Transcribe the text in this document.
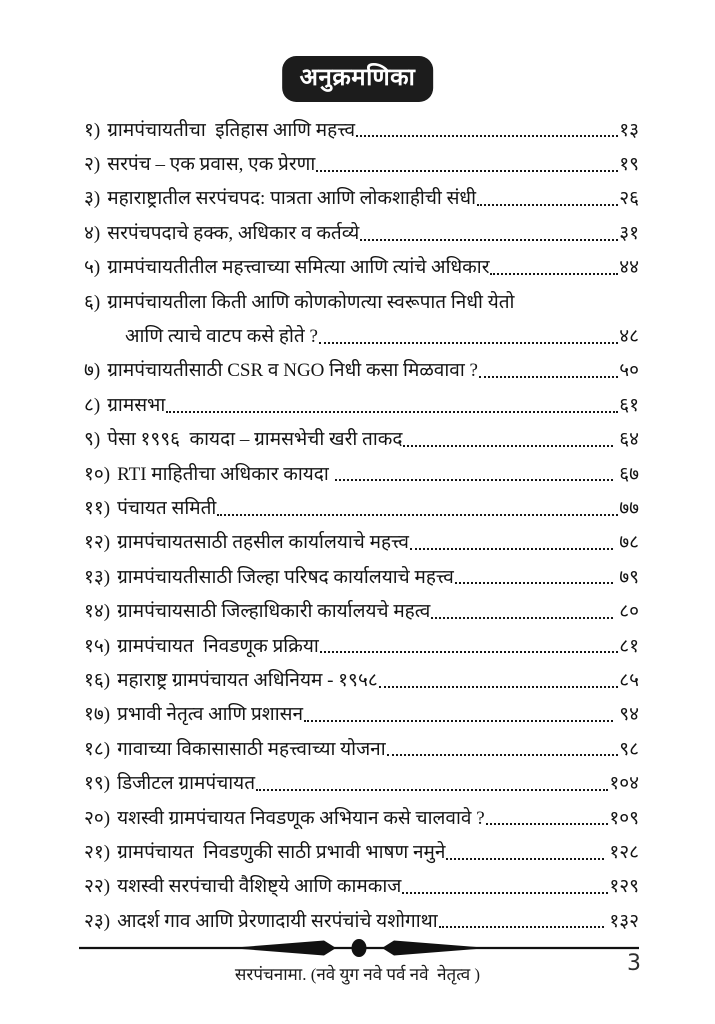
अनुक्रमणिका
१) ग्रामपंचायतीचा  इतिहास आणि महत्त्व	१३
२) सरपंच – एक प्रवास, एक प्रेरणा	१९
३) महाराष्ट्रातील सरपंचपद: पात्रता आणि लोकशाहीची संधी	२६
४) सरपंचपदाचे हक्क, अधिकार व कर्तव्ये	३१
५) ग्रामपंचायतीतील महत्त्वाच्या समित्या आणि त्यांचे अधिकार	४४
६) ग्रामपंचायतीला किती आणि कोणकोणत्या स्वरूपात निधी येतो
आणि त्याचे वाटप कसे होते ?	४८
७) ग्रामपंचायतीसाठी CSR व NGO निधी कसा मिळवावा ?	५०
८) ग्रामसभा	६१
९) पेसा १९९६  कायदा – ग्रामसभेची खरी ताकद	६४
१०) RTI माहितीचा अधिकार कायदा	६७
११) पंचायत समिती	७७
१२) ग्रामपंचायतसाठी तहसील कार्यालयाचे महत्त्व	७८
१३) ग्रामपंचायतीसाठी जिल्हा परिषद कार्यालयाचे महत्त्व	७९
१४) ग्रामपंचायसाठी जिल्हाधिकारी कार्यालयचे महत्व	८०
१५) ग्रामपंचायत  निवडणूक प्रक्रिया	८१
१६) महाराष्ट्र ग्रामपंचायत अधिनियम - १९५८	८५
१७) प्रभावी नेतृत्व आणि प्रशासन	९४
१८) गावाच्या विकासासाठी महत्त्वाच्या योजना	९८
१९) डिजीटल ग्रामपंचायत	१०४
२०) यशस्वी ग्रामपंचायत निवडणूक अभियान कसे चालवावे ?	१०९
२१) ग्रामपंचायत  निवडणुकी साठी प्रभावी भाषण नमुने	१२८
२२) यशस्वी सरपंचाची वैशिष्ट्ये आणि कामकाज	१२९
२३) आदर्श गाव आणि प्रेरणादायी सरपंचांचे यशोगाथा	१३२
सरपंचनामा. (नवे युग नवे पर्व नवे  नेतृत्व )	3
